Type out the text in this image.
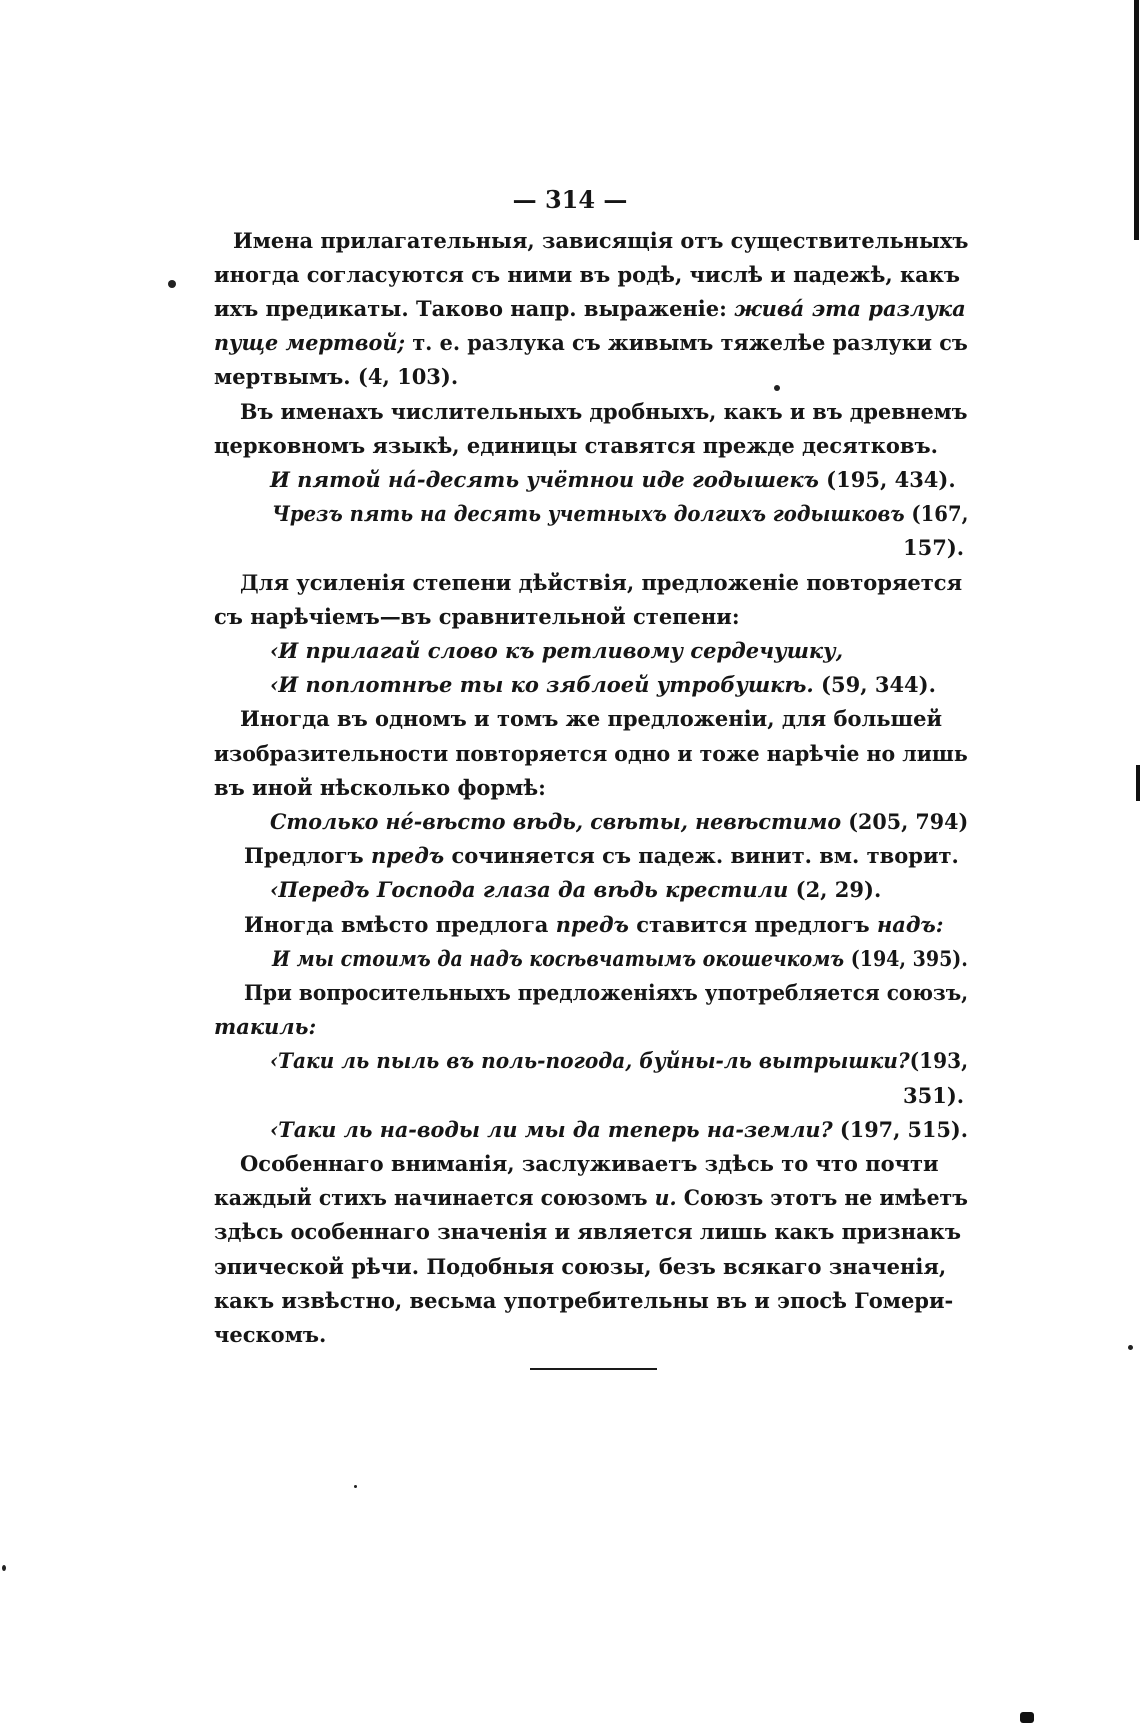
— 314 —
Имена прилагательныя, зависящія отъ существительныхъ
иногда согласуются съ ними въ родѣ, числѣ и падежѣ, какъ
ихъ предикаты. Таково напр. выраженіе: живá эта разлука
пуще мертвой; т. е. разлука съ живымъ тяжелѣе разлуки съ
мертвымъ. (4, 103).
Въ именахъ числительныхъ дробныхъ, какъ и въ древнемъ
церковномъ языкѣ, единицы ставятся прежде десятковъ.
И пятой нá-десять учётнои иде годышекъ (195, 434).
Чрезъ пять на десять учетныхъ долгихъ годышковъ (167,
157).
Для усиленія степени дѣйствія, предложеніе повторяется
съ нарѣчіемъ—въ сравнительной степени:
‹И прилагай слово къ ретливому сердечушку,
‹И поплотнѣе ты ко зяблоей утробушкѣ. (59, 344).
Иногда въ одномъ и томъ же предложеніи, для большей
изобразительности повторяется одно и тоже нарѣчіе но лишь
въ иной нѣсколько формѣ:
Столько нé-вѣсто вѣдь, свѣты, невѣстимо (205, 794)
Предлогъ предъ сочиняется съ падеж. винит. вм. творит.
‹Передъ Господа глаза да вѣдь крестили (2, 29).
Иногда вмѣсто предлога предъ ставится предлогъ надъ:
И мы стоимъ да надъ косѣвчатымъ окошечкомъ (194, 395).
При вопросительныхъ предложеніяхъ употребляется союзъ,
такиль:
‹Таки ль пыль въ поль-погода, буйны-ль вытрышки?(193,
351).
‹Таки ль на-воды ли мы да теперь на-земли? (197, 515).
Особеннаго вниманія, заслуживаетъ здѣсь то что почти
каждый стихъ начинается союзомъ и. Союзъ этотъ не имѣетъ
здѣсь особеннаго значенія и является лишь какъ признакъ
эпической рѣчи. Подобныя союзы, безъ всякаго значенія,
какъ извѣстно, весьма употребительны въ и эпосѣ Гомери-
ческомъ.
